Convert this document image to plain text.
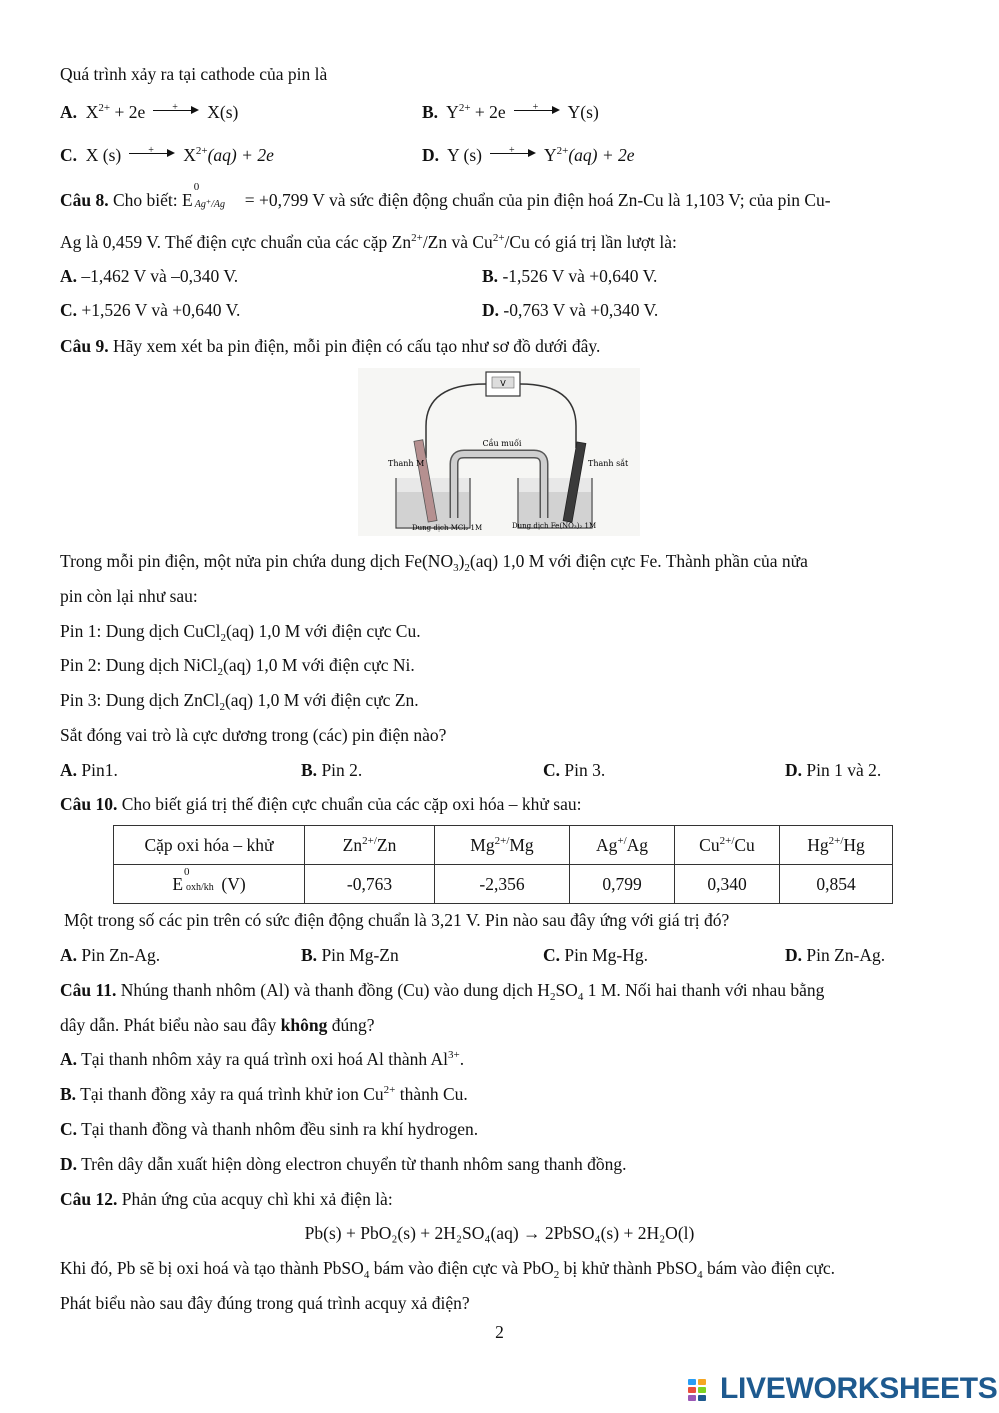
Quá trình xảy ra tại cathode của pin là
A. $X^{2+} + 2e$	+ X(s)	B. $Y^{2+} + 2e$	+ Y(s)
C. X (s)	+ $X^{2+}(aq) + 2e$	D. Y (s)	+ $Y^{2+}(aq) + 2e$
Câu 8. Cho biết: E
0
Ag⁺/Ag = +0,799 V và sức điện động chuẩn của pin điện hoá Zn-Cu là 1,103 V; của pin Cu-
Ag là 0,459 V. Thế điện cực chuẩn của các cặp $Zn^{2+}/Zn$ và $Cu^{2+}/Cu$ có giá trị lần lượt là:
A. –1,462 V và –0,340 V.	B. -1,526 V và +0,640 V.
C. +1,526 V và +0,640 V.	D. -0,763 V và +0,340 V.
Câu 9. Hãy xem xét ba pin điện, mỗi pin điện có cấu tạo như sơ đồ dưới đây.
V
Cầu muối
Thanh M	Thanh sắt
Dung dịch MCl₂ 1M	Dung dịch Fe(NO₃)₂ 1M
Trong mỗi pin điện, một nửa pin chứa dung dịch $Fe(NO_3)_2(aq)$ 1,0 M với điện cực Fe. Thành phần của nửa
pin còn lại như sau:
Pin 1: Dung dịch CuCl$_2$(aq) 1,0 M với điện cực Cu.
Pin 2: Dung dịch NiCl$_2$(aq) 1,0 M với điện cực Ni.
Pin 3: Dung dịch ZnCl$_2$(aq) 1,0 M với điện cực Zn.
Sắt đóng vai trò là cực dương trong (các) pin điện nào?
A. Pin1.	B. Pin 2.	C. Pin 3.	D. Pin 1 và 2.
Câu 10. Cho biết giá trị thế điện cực chuẩn của các cặp oxi hóa – khử sau:
Cặp oxi hóa – khử	$Zn^{2+/}Zn$	$Mg^{2+/}Mg$	Ag+/Ag	$Cu^{2+/}Cu$	$Hg^{2+/}Hg$
E
0
oxh/kh (V)	-0,763	-2,356	0,799	0,340	0,854
Một trong số các pin trên có sức điện động chuẩn là 3,21 V. Pin nào sau đây ứng với giá trị đó?
A. Pin Zn-Ag.	B. Pin Mg-Zn	C. Pin Mg-Hg.	D. Pin Zn-Ag.
Câu 11. Nhúng thanh nhôm (Al) và thanh đồng (Cu) vào dung dịch $H_2SO_4$ 1 M. Nối hai thanh với nhau bằng
dây dẫn. Phát biểu nào sau đây không đúng?
A. Tại thanh nhôm xảy ra quá trình oxi hoá Al thành $Al^{3+}$.
B. Tại thanh đồng xảy ra quá trình khử ion $Cu^{2+}$ thành Cu.
C. Tại thanh đồng và thanh nhôm đều sinh ra khí hydrogen.
D. Trên dây dẫn xuất hiện dòng electron chuyển từ thanh nhôm sang thanh đồng.
Câu 12. Phản ứng của acquy chì khi xả điện là:
Pb(s) + PbO₂(s) + 2H₂SO₄(aq) → 2PbSO₄(s) + 2H₂O(l)
Khi đó, Pb sẽ bị oxi hoá và tạo thành PbSO$_4$ bám vào điện cực và PbO$_2$ bị khử thành PbSO$_4$ bám vào điện cực.
Phát biểu nào sau đây đúng trong quá trình acquy xả điện?
2
LIVEWORKSHEETS
